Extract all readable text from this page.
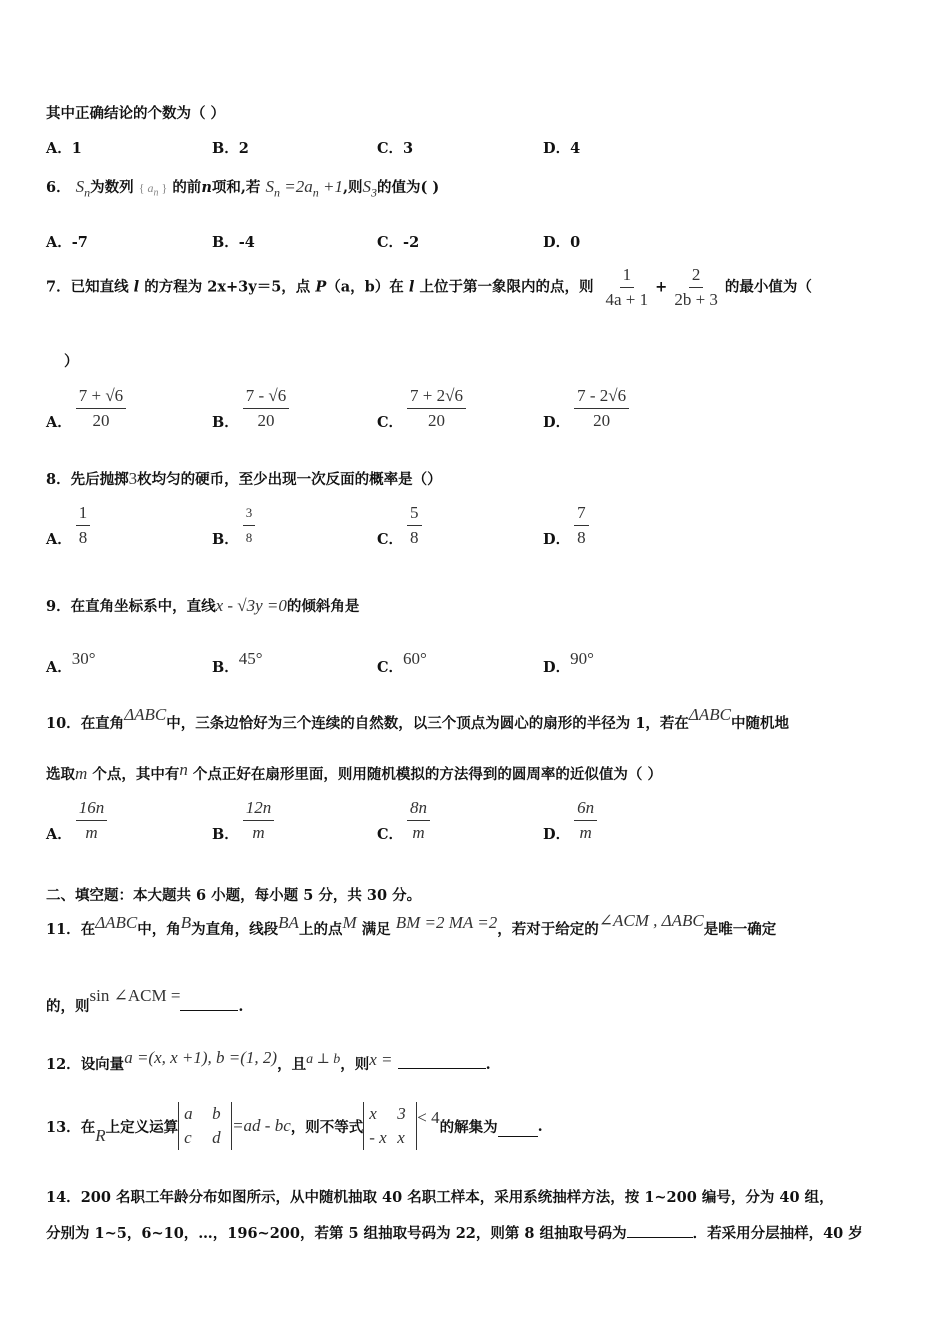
其中正确结论的个数为（ ）
A．1	B．2	C．3	D．4
6． $S_n$为数列 { $a_n$ } 的前n项和,若 $S_n =2a_n +1$,则$S_3$的值为( )
A．-7	B．-4	C．-2	D．0
7．已知直线 l 的方程为 2x+3y＝5，点 P（a，b）在 l 上位于第一象限内的点，则 $\frac{1}{4a + 1} + \frac{2}{2b + 3}$ 的最小值为（
）
A． $\frac{7 + √6}{20}$	B． $\frac{7 - √6}{20}$	C． $\frac{7 + 2√6}{20}$	D． $\frac{7 - 2√6}{20}$
8．先后抛掷3枚均匀的硬币，至少出现一次反面的概率是（）
A． $\frac{1}{8}$	B． $\frac{3}{8}$	C． $\frac{5}{8}$	D． $\frac{7}{8}$
9．在直角坐标系中，直线x - √3y =0的倾斜角是
A．30°	B．45°	C．60°	D．90°
10．在直角ΔABC中，三条边恰好为三个连续的自然数，以三个顶点为圆心的扇形的半径为 1，若在ΔABC中随机地
选取m 个点，其中有n 个点正好在扇形里面，则用随机模拟的方法得到的圆周率的近似值为（ ）
A． $\frac{16n}{m}$	B． $\frac{12n}{m}$	C． $\frac{8n}{m}$	D． $\frac{6n}{m}$
二、填空题：本大题共 6 小题，每小题 5 分，共 30 分。
11．在ΔABC中，角B为直角，线段BA上的点M 满足 BM =2 MA =2，若对于给定的∠ACM , ΔABC是唯一确定
的，则sin ∠ACM =.
12．设向量a =(x, x +1), b =(1, 2)，且a ⊥ b，则x =	.
13． 在 R 上定义运算
a	b
c	d
=ad - bc ，则不等式
x	3
- x x
< 4 的解集为	.
14．200 名职工年龄分布如图所示，从中随机抽取 40 名职工样本，采用系统抽样方法，按 1~200 编号，分为 40 组，
分别为 1~5，6~10，…，196~200，若第 5 组抽取号码为 22，则第 8 组抽取号码为	．若采用分层抽样，40 岁
